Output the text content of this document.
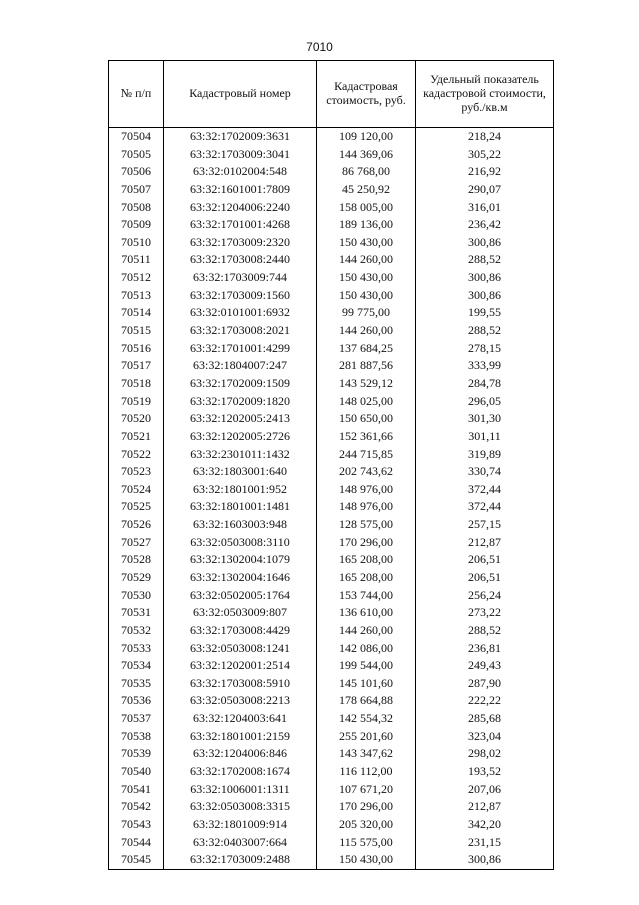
7010
№ п/п	Кадастровый номер	Кадастровая стоимость, руб.	Удельный показатель кадастровой стоимости, руб./кв.м
70504	63:32:1702009:3631	109 120,00	218,24
70505	63:32:1703009:3041	144 369,06	305,22
70506	63:32:0102004:548	86 768,00	216,92
70507	63:32:1601001:7809	45 250,92	290,07
70508	63:32:1204006:2240	158 005,00	316,01
70509	63:32:1701001:4268	189 136,00	236,42
70510	63:32:1703009:2320	150 430,00	300,86
70511	63:32:1703008:2440	144 260,00	288,52
70512	63:32:1703009:744	150 430,00	300,86
70513	63:32:1703009:1560	150 430,00	300,86
70514	63:32:0101001:6932	99 775,00	199,55
70515	63:32:1703008:2021	144 260,00	288,52
70516	63:32:1701001:4299	137 684,25	278,15
70517	63:32:1804007:247	281 887,56	333,99
70518	63:32:1702009:1509	143 529,12	284,78
70519	63:32:1702009:1820	148 025,00	296,05
70520	63:32:1202005:2413	150 650,00	301,30
70521	63:32:1202005:2726	152 361,66	301,11
70522	63:32:2301011:1432	244 715,85	319,89
70523	63:32:1803001:640	202 743,62	330,74
70524	63:32:1801001:952	148 976,00	372,44
70525	63:32:1801001:1481	148 976,00	372,44
70526	63:32:1603003:948	128 575,00	257,15
70527	63:32:0503008:3110	170 296,00	212,87
70528	63:32:1302004:1079	165 208,00	206,51
70529	63:32:1302004:1646	165 208,00	206,51
70530	63:32:0502005:1764	153 744,00	256,24
70531	63:32:0503009:807	136 610,00	273,22
70532	63:32:1703008:4429	144 260,00	288,52
70533	63:32:0503008:1241	142 086,00	236,81
70534	63:32:1202001:2514	199 544,00	249,43
70535	63:32:1703008:5910	145 101,60	287,90
70536	63:32:0503008:2213	178 664,88	222,22
70537	63:32:1204003:641	142 554,32	285,68
70538	63:32:1801001:2159	255 201,60	323,04
70539	63:32:1204006:846	143 347,62	298,02
70540	63:32:1702008:1674	116 112,00	193,52
70541	63:32:1006001:1311	107 671,20	207,06
70542	63:32:0503008:3315	170 296,00	212,87
70543	63:32:1801009:914	205 320,00	342,20
70544	63:32:0403007:664	115 575,00	231,15
70545	63:32:1703009:2488	150 430,00	300,86
